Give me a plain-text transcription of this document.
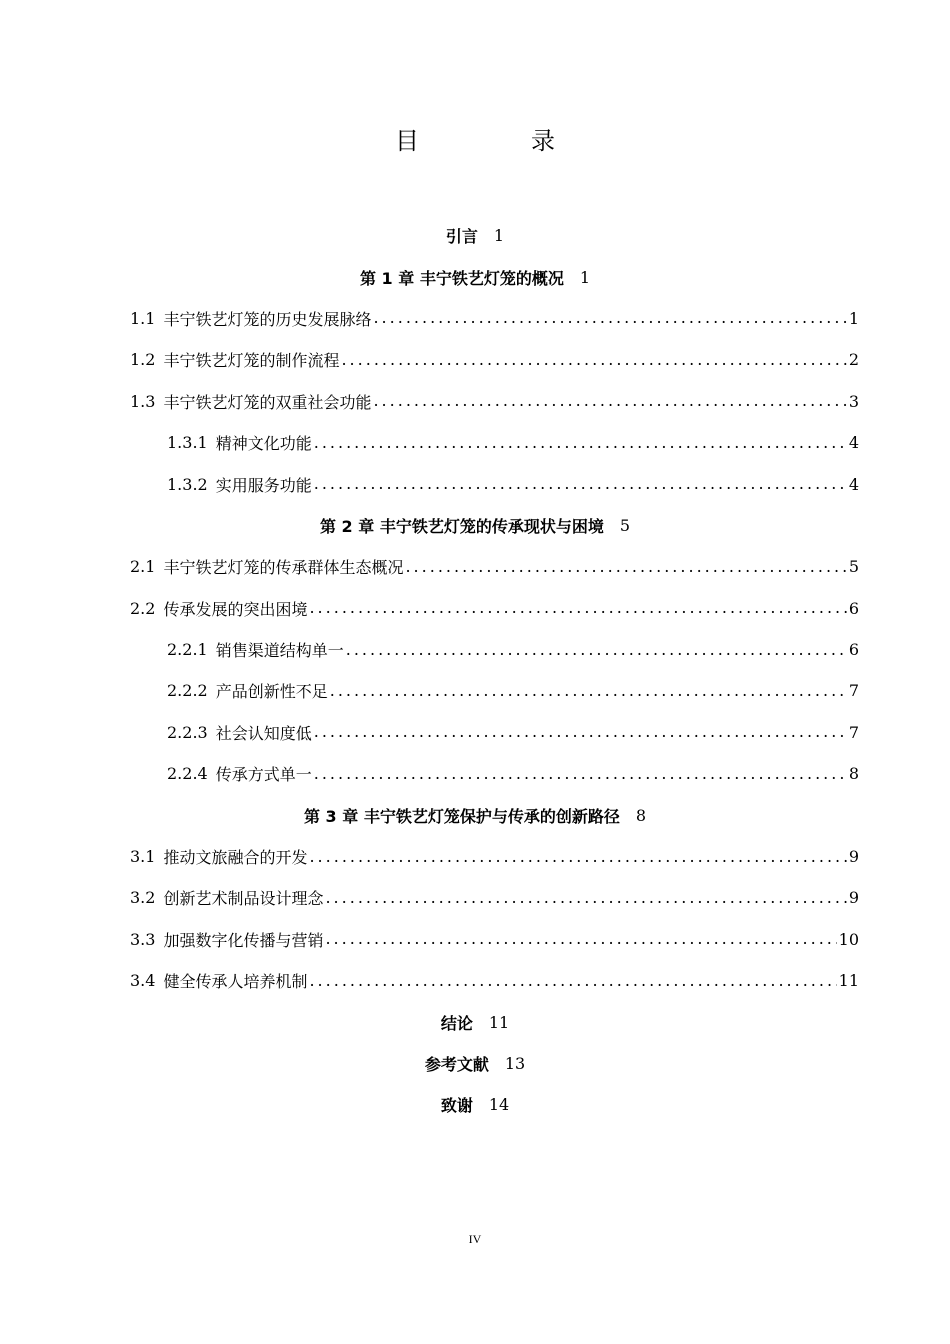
目　录
引言 1
第 1 章 丰宁铁艺灯笼的概况 1
1.1 丰宁铁艺灯笼的历史发展脉络 .....	1
1.2 丰宁铁艺灯笼的制作流程 .....	2
1.3 丰宁铁艺灯笼的双重社会功能 .....	3
1.3.1 精神文化功能 .....	4
1.3.2 实用服务功能 .....	4
第 2 章 丰宁铁艺灯笼的传承现状与困境 5
2.1 丰宁铁艺灯笼的传承群体生态概况 .....	5
2.2 传承发展的突出困境 .....	6
2.2.1 销售渠道结构单一 .....	6
2.2.2 产品创新性不足 .....	7
2.2.3 社会认知度低 .....	7
2.2.4 传承方式单一 .....	8
第 3 章 丰宁铁艺灯笼保护与传承的创新路径 8
3.1 推动文旅融合的开发 .....	9
3.2 创新艺术制品设计理念 .....	9
3.3 加强数字化传播与营销 .....	10
3.4 健全传承人培养机制 .....	11
结论 11
参考文献 13
致谢 14
IV
